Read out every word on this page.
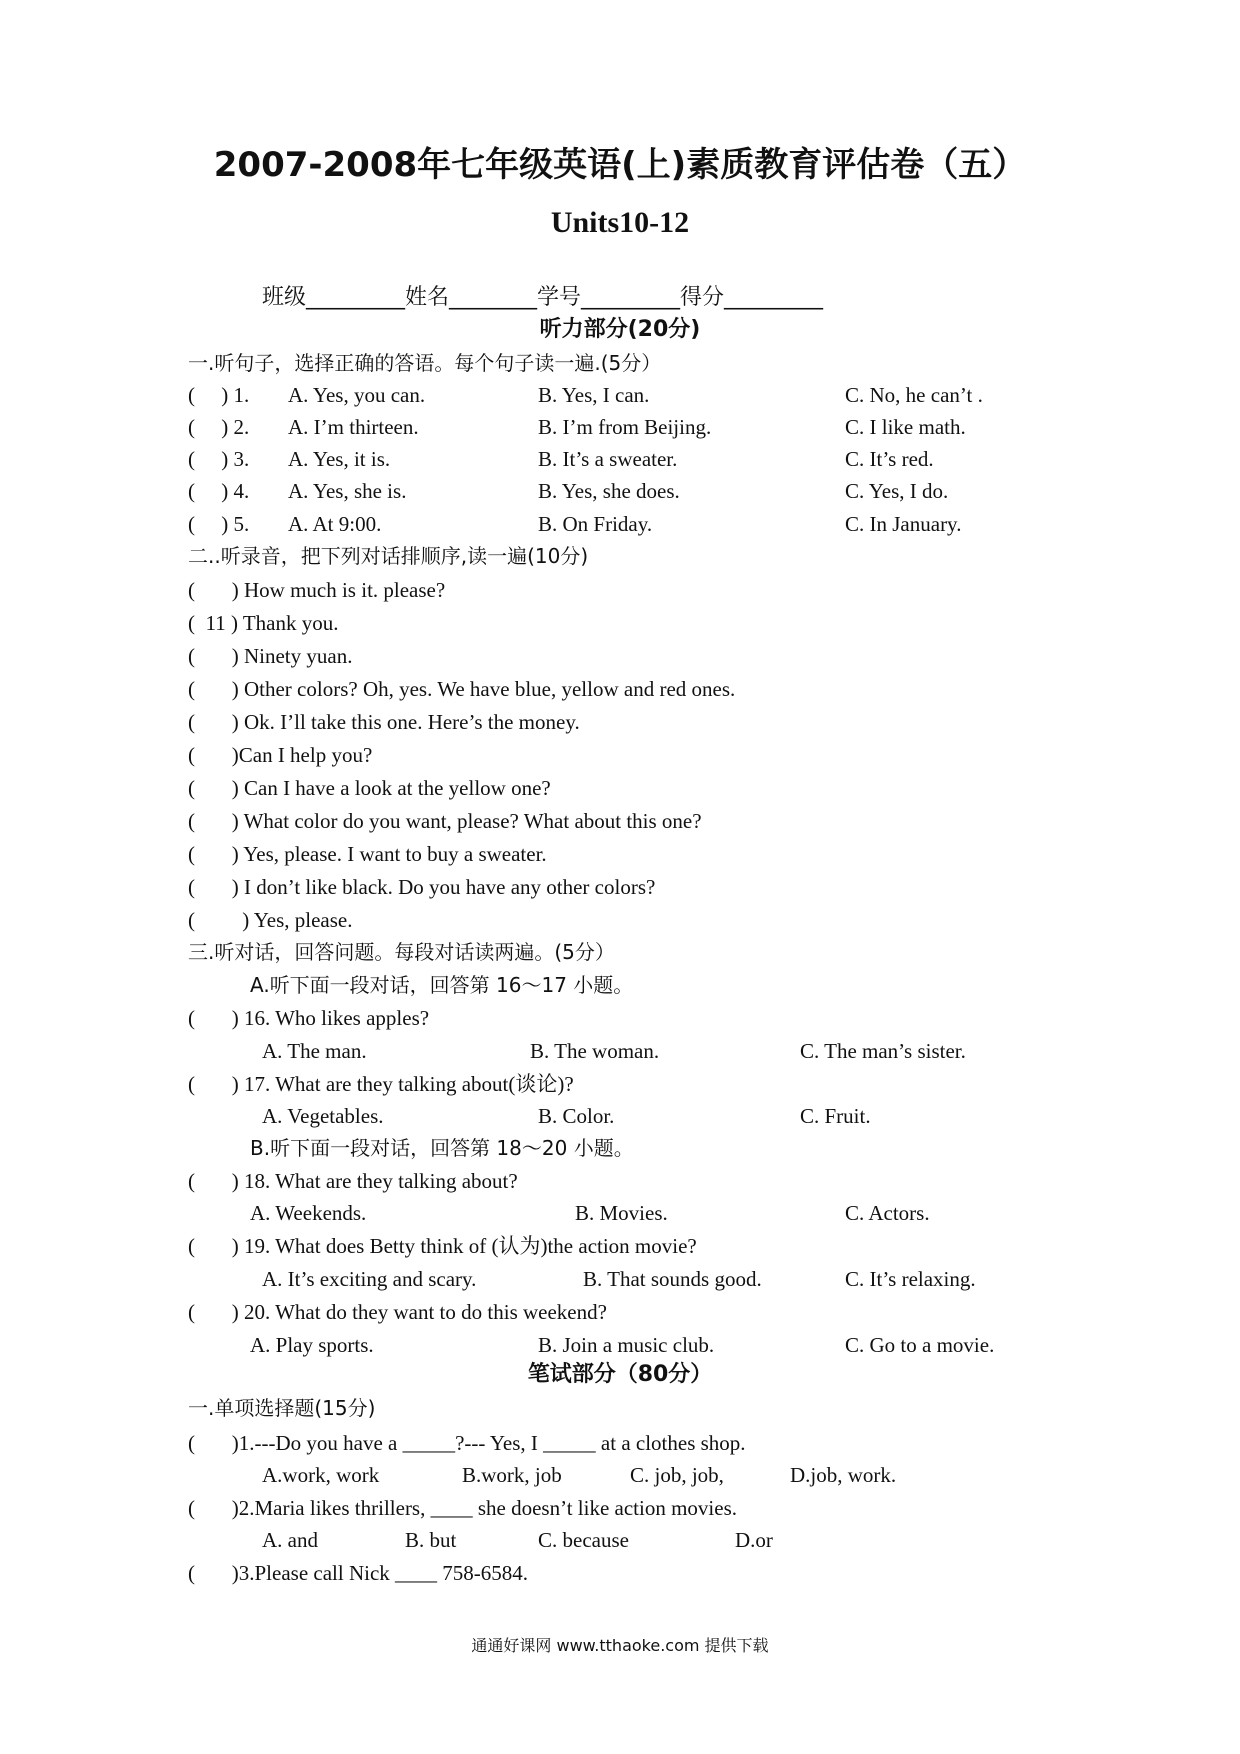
2007-2008年七年级英语(上)素质教育评估卷（五）
Units10-12
班级_________姓名________学号_________得分_________
听力部分(20分)
一.听句子，选择正确的答语。每个句子读一遍.(5分）
(     ) 1. A. Yes, you can.	B. Yes, I can.	C. No, he can’t .
(     ) 2. A. I’m thirteen.	B. I’m from Beijing.	C. I like math.
(     ) 3. A. Yes, it is.	B. It’s a sweater.	C. It’s red.
(     ) 4. A. Yes, she is.	B. Yes, she does.	C. Yes, I do.
(     ) 5. A. At 9:00.	B. On Friday.	C. In January.
二..听录音，把下列对话排顺序,读一遍(10分)
(       ) How much is it. please?
(  11 ) Thank you.
(       ) Ninety yuan.
(       ) Other colors? Oh, yes. We have blue, yellow and red ones.
(       ) Ok. I’ll take this one. Here’s the money.
(       )Can I help you?
(       ) Can I have a look at the yellow one?
(       ) What color do you want, please? What about this one?
(       ) Yes, please. I want to buy a sweater.
(       ) I don’t like black. Do you have any other colors?
(         ) Yes, please.
三.听对话，回答问题。每段对话读两遍。(5分）
A.听下面一段对话，回答第 16～17 小题。
(       ) 16. Who likes apples?
A. The man.	B. The woman.	C. The man’s sister.
(       ) 17. What are they talking about(谈论)?
A. Vegetables.	B. Color.	C. Fruit.
B.听下面一段对话，回答第 18～20 小题。
(       ) 18. What are they talking about?
A. Weekends.	B. Movies.	C. Actors.
(       ) 19. What does Betty think of (认为)the action movie?
A. It’s exciting and scary.	B. That sounds good.	C. It’s relaxing.
(       ) 20. What do they want to do this weekend?
A. Play sports.	B. Join a music club.	C. Go to a movie.
笔试部分（80分）
一.单项选择题(15分)
(       )1.---Do you have a _____?--- Yes, I _____ at a clothes shop.
A.work, work	B.work, job	C. job, job,	D.job, work.
(       )2.Maria likes thrillers, ____ she doesn’t like action movies.
A. and	B. but	C. because	D.or
(       )3.Please call Nick ____ 758-6584.
通通好课网 www.tthaoke.com 提供下载
